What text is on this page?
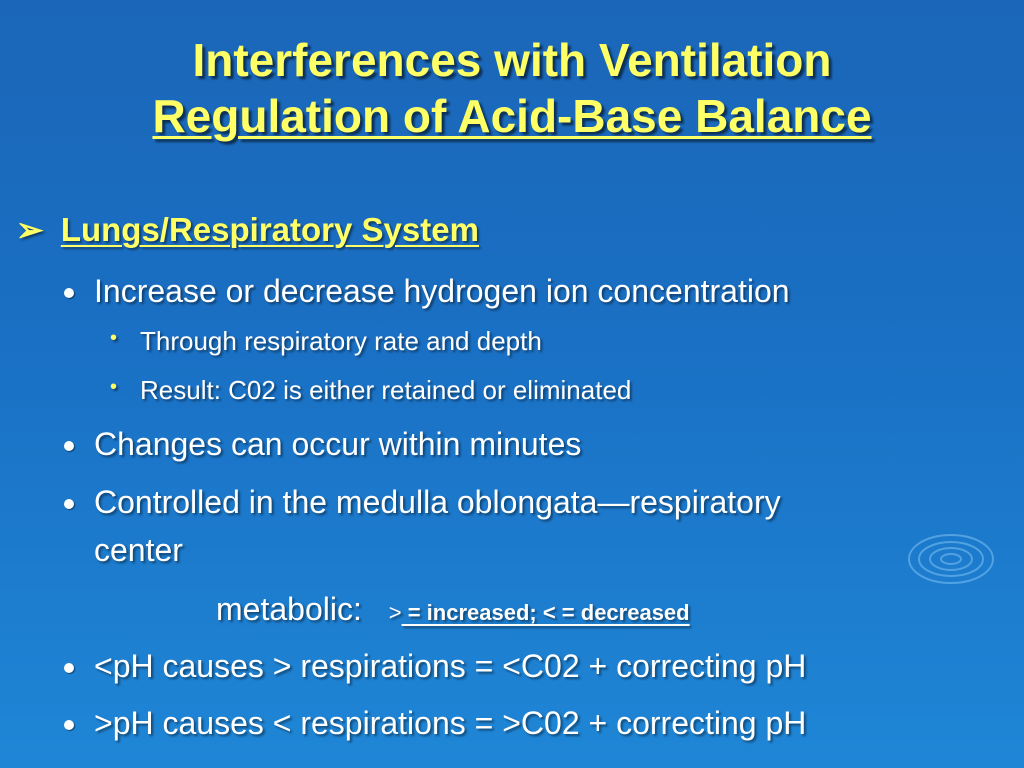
Interferences with Ventilation
Regulation of Acid-Base Balance
➢ Lungs/Respiratory System
Increase or decrease hydrogen ion concentration
• Through respiratory rate and depth
• Result: C02 is either retained or eliminated
Changes can occur within minutes
Controlled in the medulla oblongata—respiratory
center
metabolic: > = increased; < = decreased
<pH causes > respirations = <C02 + correcting pH
>pH causes < respirations = >C02 + correcting pH
